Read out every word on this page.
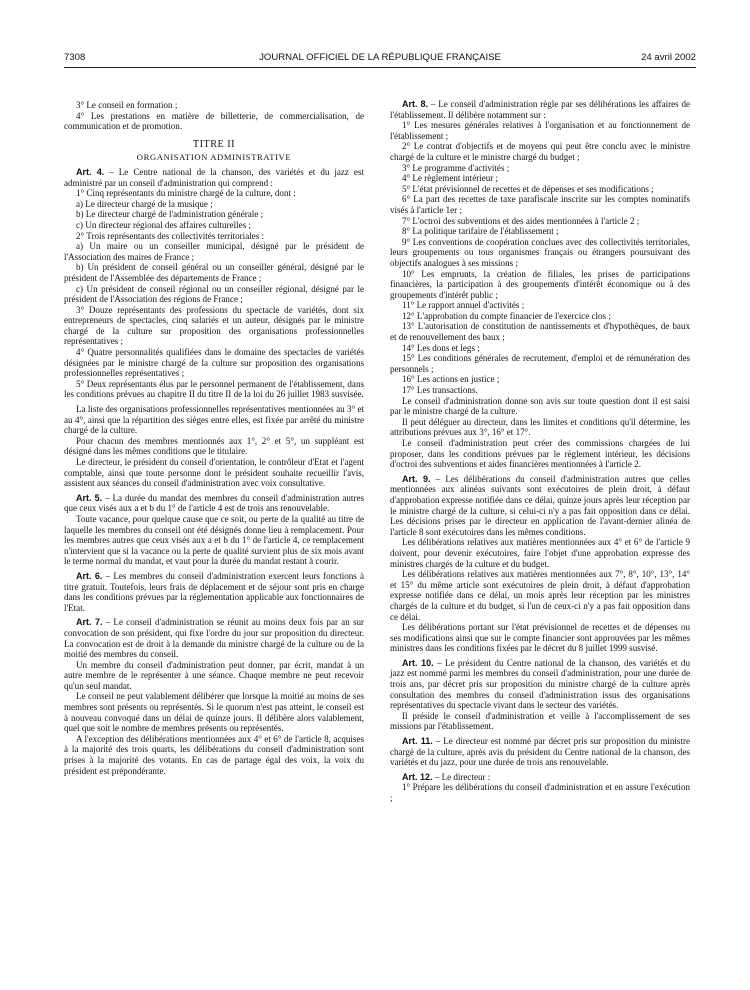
7308	JOURNAL OFFICIEL DE LA RÉPUBLIQUE FRANÇAISE	24 avril 2002

3° Le conseil en formation ;

4° Les prestations en matière de billetterie, de commercialisation, de communication et de promotion.

TITRE II
ORGANISATION ADMINISTRATIVE

Art. 4. – Le Centre national de la chanson, des variétés et du jazz est administré par un conseil d'administration qui comprend :

1° Cinq représentants du ministre chargé de la culture, dont :

a) Le directeur chargé de la musique ;

b) Le directeur chargé de l'administration générale ;

c) Un directeur régional des affaires culturelles ;

2° Trois représentants des collectivités territoriales :

a) Un maire ou un conseiller municipal, désigné par le président de l'Association des maires de France ;

b) Un président de conseil général ou un conseiller général, désigné par le président de l'Assemblée des départements de France ;

c) Un président de conseil régional ou un conseiller régional, désigné par le président de l'Association des régions de France ;

3° Douze représentants des professions du spectacle de variétés, dont six entrepreneurs de spectacles, cinq salariés et un auteur, désignés par le ministre chargé de la culture sur proposition des organisations professionnelles représentatives ;

4° Quatre personnalités qualifiées dans le domaine des spectacles de variétés désignées par le ministre chargé de la culture sur proposition des organisations professionnelles représentatives ;

5° Deux représentants élus par le personnel permanent de l'établissement, dans les conditions prévues au chapitre II du titre II de la loi du 26 juillet 1983 susvisée.

La liste des organisations professionnelles représentatives mentionnées au 3° et au 4°, ainsi que la répartition des sièges entre elles, est fixée par arrêté du ministre chargé de la culture.

Pour chacun des membres mentionnés aux 1°, 2° et 5°, un suppléant est désigné dans les mêmes conditions que le titulaire.

Le directeur, le président du conseil d'orientation, le contrôleur d'Etat et l'agent comptable, ainsi que toute personne dont le président souhaite recueillir l'avis, assistent aux séances du conseil d'administration avec voix consultative.

Art. 5. – La durée du mandat des membres du conseil d'administration autres que ceux visés aux a et b du 1° de l'article 4 est de trois ans renouvelable.

Toute vacance, pour quelque cause que ce soit, ou perte de la qualité au titre de laquelle les membres du conseil ont été désignés donne lieu à remplacement. Pour les membres autres que ceux visés aux a et b du 1° de l'article 4, ce remplacement n'intervient que si la vacance ou la perte de qualité survient plus de six mois avant le terme normal du mandat, et vaut pour la durée du mandat restant à courir.

Art. 6. – Les membres du conseil d'administration exercent leurs fonctions à titre gratuit. Toutefois, leurs frais de déplacement et de séjour sont pris en charge dans les conditions prévues par la réglementation applicable aux fonctionnaires de l'Etat.

Art. 7. – Le conseil d'administration se réunit au moins deux fois par an sur convocation de son président, qui fixe l'ordre du jour sur proposition du directeur. La convocation est de droit à la demande du ministre chargé de la culture ou de la moitié des membres du conseil.

Un membre du conseil d'administration peut donner, par écrit, mandat à un autre membre de le représenter à une séance. Chaque membre ne peut recevoir qu'un seul mandat.

Le conseil ne peut valablement délibérer que lorsque la moitié au moins de ses membres sont présents ou représentés. Si le quorum n'est pas atteint, le conseil est à nouveau convoqué dans un délai de quinze jours. Il délibère alors valablement, quel que soit le nombre de membres présents ou représentés.

A l'exception des délibérations mentionnées aux 4° et 6° de l'article 8, acquises à la majorité des trois quarts, les délibérations du conseil d'administration sont prises à la majorité des votants. En cas de partage égal des voix, la voix du président est prépondérante.

Art. 8. – Le conseil d'administration règle par ses délibérations les affaires de l'établissement. Il délibère notamment sur :

1° Les mesures générales relatives à l'organisation et au fonctionnement de l'établissement ;

2° Le contrat d'objectifs et de moyens qui peut être conclu avec le ministre chargé de la culture et le ministre chargé du budget ;

3° Le programme d'activités ;

4° Le règlement intérieur ;

5° L'état prévisionnel de recettes et de dépenses et ses modifications ;

6° La part des recettes de taxe parafiscale inscrite sur les comptes nominatifs visés à l'article 1er ;

7° L'octroi des subventions et des aides mentionnées à l'article 2 ;

8° La politique tarifaire de l'établissement ;

9° Les conventions de coopération conclues avec des collectivités territoriales, leurs groupements ou tous organismes français ou étrangers poursuivant des objectifs analogues à ses missions ;

10° Les emprunts, la création de filiales, les prises de participations financières, la participation à des groupements d'intérêt économique ou à des groupements d'intérêt public ;

11° Le rapport annuel d'activités ;

12° L'approbation du compte financier de l'exercice clos ;

13° L'autorisation de constitution de nantissements et d'hypothèques, de baux et de renouvellement des baux ;

14° Les dons et legs ;

15° Les conditions générales de recrutement, d'emploi et de rémunération des personnels ;

16° Les actions en justice ;

17° Les transactions.

Le conseil d'administration donne son avis sur toute question dont il est saisi par le ministre chargé de la culture.

Il peut déléguer au directeur, dans les limites et conditions qu'il détermine, les attributions prévues aux 3°, 16° et 17°.

Le conseil d'administration peut créer des commissions chargées de lui proposer, dans les conditions prévues par le règlement intérieur, les décisions d'octroi des subventions et aides financières mentionnées à l'article 2.

Art. 9. – Les délibérations du conseil d'administration autres que celles mentionnées aux alinéas suivants sont exécutoires de plein droit, à défaut d'approbation expresse notifiée dans ce délai, quinze jours après leur réception par le ministre chargé de la culture, si celui-ci n'y a pas fait opposition dans ce délai. Les décisions prises par le directeur en application de l'avant-dernier alinéa de l'article 8 sont exécutoires dans les mêmes conditions.

Les délibérations relatives aux matières mentionnées aux 4° et 6° de l'article 9 doivent, pour devenir exécutoires, faire l'objet d'une approbation expresse des ministres chargés de la culture et du budget.

Les délibérations relatives aux matières mentionnées aux 7°, 8°, 10°, 13°, 14° et 15° du même article sont exécutoires de plein droit, à défaut d'approbation expresse notifiée dans ce délai, un mois après leur réception par les ministres chargés de la culture et du budget, si l'un de ceux-ci n'y a pas fait opposition dans ce délai.

Les délibérations portant sur l'état prévisionnel de recettes et de dépenses ou ses modifications ainsi que sur le compte financier sont approuvées par les mêmes ministres dans les conditions fixées par le décret du 8 juillet 1999 susvisé.

Art. 10. – Le président du Centre national de la chanson, des variétés et du jazz est nommé parmi les membres du conseil d'administration, pour une durée de trois ans, par décret pris sur proposition du ministre chargé de la culture après consultation des membres du conseil d'administration issus des organisations représentatives du spectacle vivant dans le secteur des variétés.

Il préside le conseil d'administration et veille à l'accomplissement de ses missions par l'établissement.

Art. 11. – Le directeur est nommé par décret pris sur proposition du ministre chargé de la culture, après avis du président du Centre national de la chanson, des variétés et du jazz, pour une durée de trois ans renouvelable.

Art. 12. – Le directeur :

1° Prépare les délibérations du conseil d'administration et en assure l'exécution ;
